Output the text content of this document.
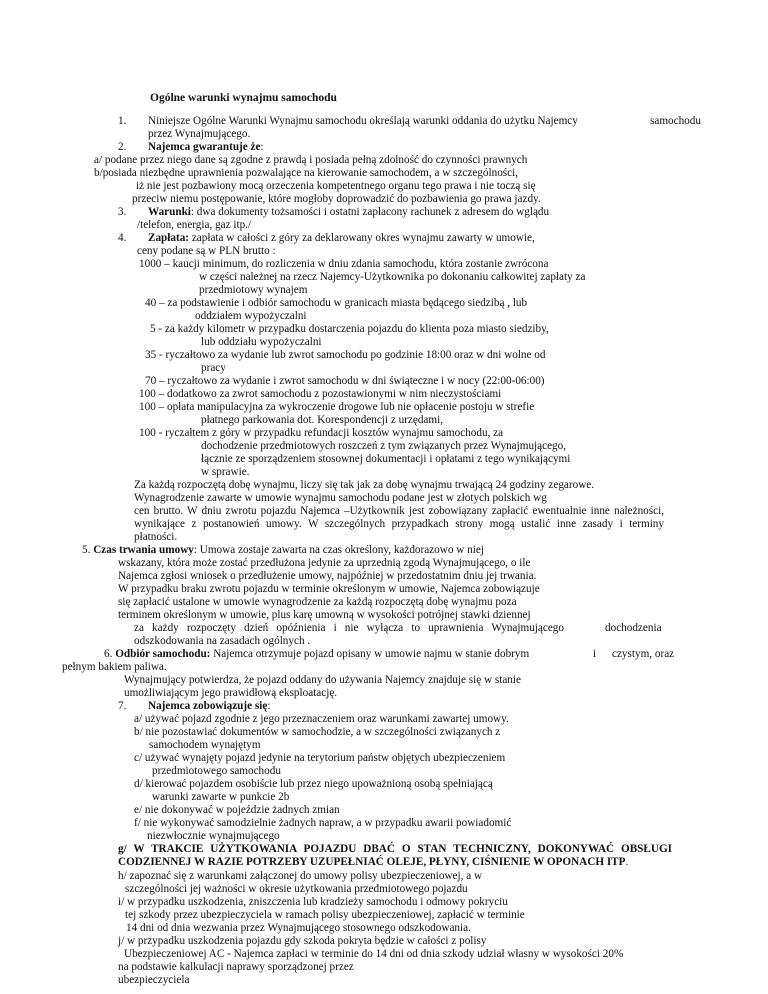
Ogólne warunki wynajmu samochodu
1. Niniejsze Ogólne Warunki Wynajmu samochodu określają warunki oddania do użytku Najemcy	samochodu
przez Wynajmującego.
2. Najemca gwarantuje że:
a/ podane przez niego dane są zgodne z prawdą i posiada pełną zdolność do czynności prawnych
b/posiada niezbędne uprawnienia pozwalające na kierowanie samochodem, a w szczególności,
iż nie jest pozbawiony mocą orzeczenia kompetentnego organu tego prawa i nie toczą się
przeciw niemu postępowanie, które mogłoby doprowadzić do pozbawienia go prawa jazdy.
3. Warunki: dwa dokumenty tożsamości i ostatni zapłacony rachunek z adresem do wglądu
/telefon, energia, gaz itp./
4. Zapłata: zapłata w całości z góry za deklarowany okres wynajmu zawarty w umowie,
ceny podane są w PLN brutto :
1000 – kaucji minimum, do rozliczenia w dniu zdania samochodu, która zostanie zwrócona
w części należnej na rzecz Najemcy-Użytkownika po dokonaniu całkowitej zapłaty za
przedmiotowy wynajem
40 – za podstawienie i odbiór samochodu w granicach miasta będącego siedzibą , lub
oddziałem wypożyczalni
5 - za każdy kilometr w przypadku dostarczenia pojazdu do klienta poza miasto siedziby,
lub oddziału wypożyczalni
35 - ryczałtowo za wydanie lub zwrot samochodu po godzinie 18:00 oraz w dni wolne od
pracy
70 – ryczałtowo za wydanie i zwrot samochodu w dni świąteczne i w nocy (22:00-06:00)
100 – dodatkowo za zwrot samochodu z pozostawionymi w nim nieczystościami
100 – opłata manipulacyjna za wykroczenie drogowe lub nie opłacenie postoju w strefie
płatnego parkowania dot. Korespondencji z urzędami,
100 - ryczałtem z góry w przypadku refundacji kosztów wynajmu samochodu, za
dochodzenie przedmiotowych roszczeń z tym związanych przez Wynajmującego,
łącznie ze sporządzeniem stosownej dokumentacji i opłatami z tego wynikającymi
w sprawie.
Za każdą rozpoczętą dobę wynajmu, liczy się tak jak za dobę wynajmu trwającą 24 godziny zegarowe.
Wynagrodzenie zawarte w umowie wynajmu samochodu podane jest w złotych polskich wg
cen brutto. W dniu zwrotu pojazdu Najemca –Użytkownik jest zobowiązany zapłacić ewentualnie inne należności,
wynikające z postanowień umowy. W szczególnych przypadkach strony mogą ustalić inne zasady i terminy
płatności.
5. Czas trwania umowy: Umowa zostaje zawarta na czas określony, każdorazowo w niej
wskazany, która może zostać przedłużona jedynie za uprzednią zgodą Wynajmującego, o ile
Najemca zgłosi wniosek o przedłużenie umowy, najpóźniej w przedostatnim dniu jej trwania.
W przypadku braku zwrotu pojazdu w terminie określonym w umowie, Najemca zobowiązuje
się zapłacić ustalone w umowie wynagrodzenie za każdą rozpoczętą dobę wynajmu poza
terminem określonym w umowie, plus karę umowną w wysokości potrójnej stawki dziennej
za każdy rozpoczęty dzień opóźnienia i nie wyłącza to uprawnienia Wynajmującego	dochodzenia
odszkodowania na zasadach ogólnych .
6. Odbiór samochodu: Najemca otrzymuje pojazd opisany w umowie najmu w stanie dobrym	i czystym, oraz
pełnym bakiem paliwa.
Wynajmujący potwierdza, że pojazd oddany do używania Najemcy znajduje się w stanie
umożliwiającym jego prawidłową eksploatację.
7. Najemca zobowiązuje się:
a/ używać pojazd zgodnie z jego przeznaczeniem oraz warunkami zawartej umowy.
b/ nie pozostawiać dokumentów w samochodzie, a w szczególności związanych z
samochodem wynajętym
c/ używać wynajęty pojazd jedynie na terytorium państw objętych ubezpieczeniem
przedmiotowego samochodu
d/ kierować pojazdem osobiście lub przez niego upoważnioną osobą spełniającą
warunki zawarte w punkcie 2b
e/ nie dokonywać w pojeździe żadnych zmian
f/ nie wykonywać samodzielnie żadnych napraw, a w przypadku awarii powiadomić
niezwłocznie wynajmującego
g/ W TRAKCIE UŻYTKOWANIA POJAZDU DBAĆ O STAN TECHNICZNY, DOKONYWAĆ OBSŁUGI
CODZIENNEJ W RAZIE POTRZEBY UZUPEŁNIAĆ OLEJE, PŁYNY, CIŚNIENIE W OPONACH ITP.
h/ zapoznać się z warunkami załączonej do umowy polisy ubezpieczeniowej, a w
szczególności jej ważności w okresie użytkowania przedmiotowego pojazdu
i/ w przypadku uszkodzenia, zniszczenia lub kradzieży samochodu i odmowy pokryciu
tej szkody przez ubezpieczyciela w ramach polisy ubezpieczeniowej, zapłacić w terminie
14 dni od dnia wezwania przez Wynajmującego stosownego odszkodowania.
j/ w przypadku uszkodzenia pojazdu gdy szkoda pokryta będzie w całości z polisy
Ubezpieczeniowej AC - Najemca zapłaci w terminie do 14 dni od dnia szkody udział własny w wysokości 20%
na podstawie kalkulacji naprawy sporządzonej przez
ubezpieczyciela
